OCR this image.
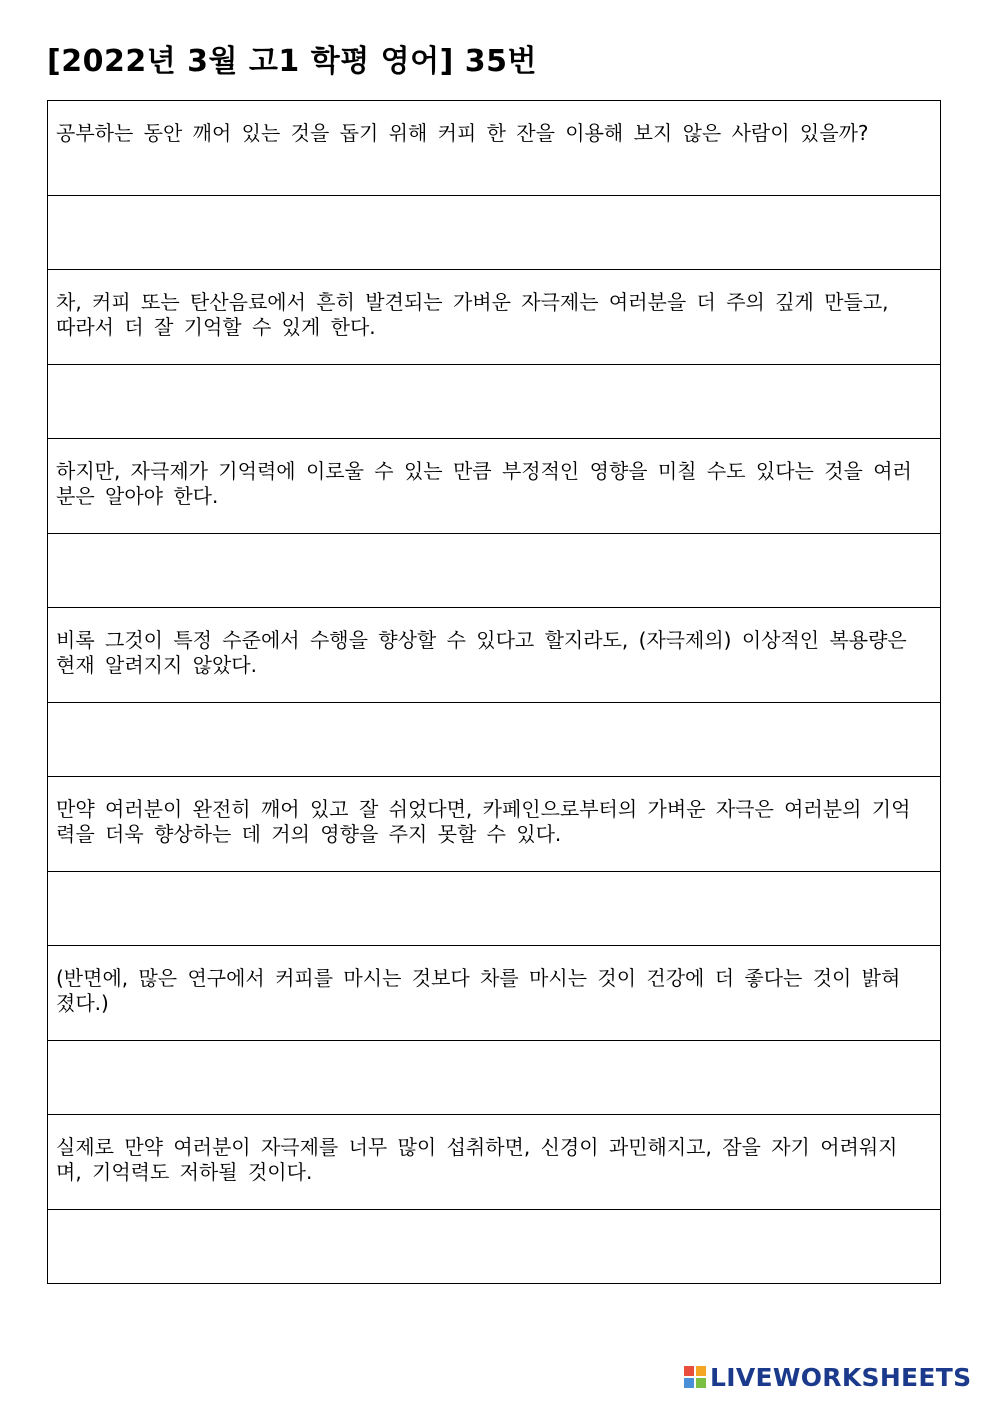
[2022년 3월 고1 학평 영어] 35번
공부하는 동안 깨어 있는 것을 돕기 위해 커피 한 잔을 이용해 보지 않은 사람이 있을까?
차, 커피 또는 탄산음료에서 흔히 발견되는 가벼운 자극제는 여러분을 더 주의 깊게 만들고, 따라서 더 잘 기억할 수 있게 한다.
하지만, 자극제가 기억력에 이로울 수 있는 만큼 부정적인 영향을 미칠 수도 있다는 것을 여러분은 알아야 한다.
비록 그것이 특정 수준에서 수행을 향상할 수 있다고 할지라도, (자극제의) 이상적인 복용량은 현재 알려지지 않았다.
만약 여러분이 완전히 깨어 있고 잘 쉬었다면, 카페인으로부터의 가벼운 자극은 여러분의 기억력을 더욱 향상하는 데 거의 영향을 주지 못할 수 있다.
(반면에, 많은 연구에서 커피를 마시는 것보다 차를 마시는 것이 건강에 더 좋다는 것이 밝혀졌다.)
실제로 만약 여러분이 자극제를 너무 많이 섭취하면, 신경이 과민해지고, 잠을 자기 어려워지며, 기억력도 저하될 것이다.
LIVEWORKSHEETS
